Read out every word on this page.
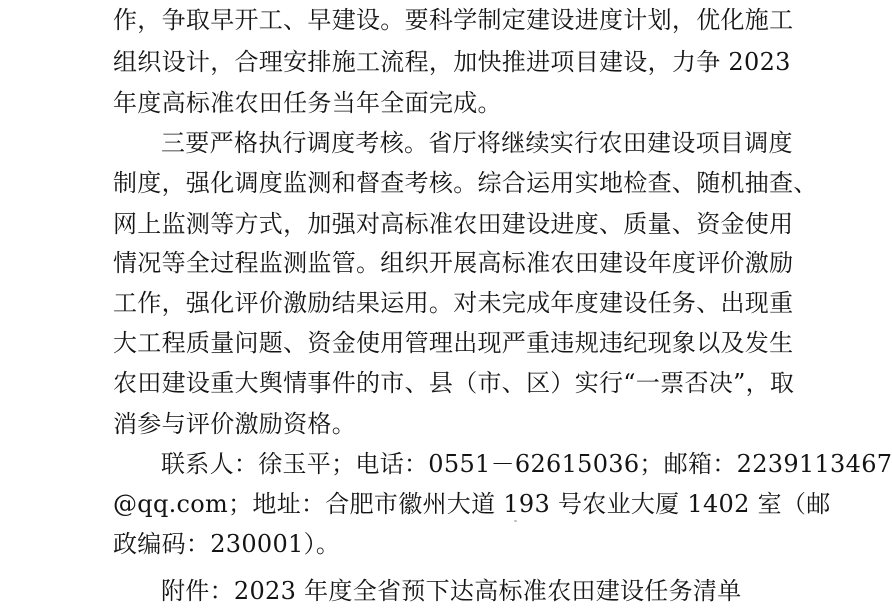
作，争取早开工、早建设。要科学制定建设进度计划，优化施工
组织设计，合理安排施工流程，加快推进项目建设，力争 2023
年度高标准农田任务当年全面完成。
三要严格执行调度考核。省厅将继续实行农田建设项目调度
制度，强化调度监测和督查考核。综合运用实地检查、随机抽查、
网上监测等方式，加强对高标准农田建设进度、质量、资金使用
情况等全过程监测监管。组织开展高标准农田建设年度评价激励
工作，强化评价激励结果运用。对未完成年度建设任务、出现重
大工程质量问题、资金使用管理出现严重违规违纪现象以及发生
农田建设重大舆情事件的市、县（市、区）实行“一票否决”，取
消参与评价激励资格。
联系人：徐玉平；电话：0551－62615036；邮箱：2239113467
@qq.com；地址：合肥市徽州大道 193 号农业大厦 1402 室（邮
政编码：230001）。
附件：2023 年度全省预下达高标准农田建设任务清单
